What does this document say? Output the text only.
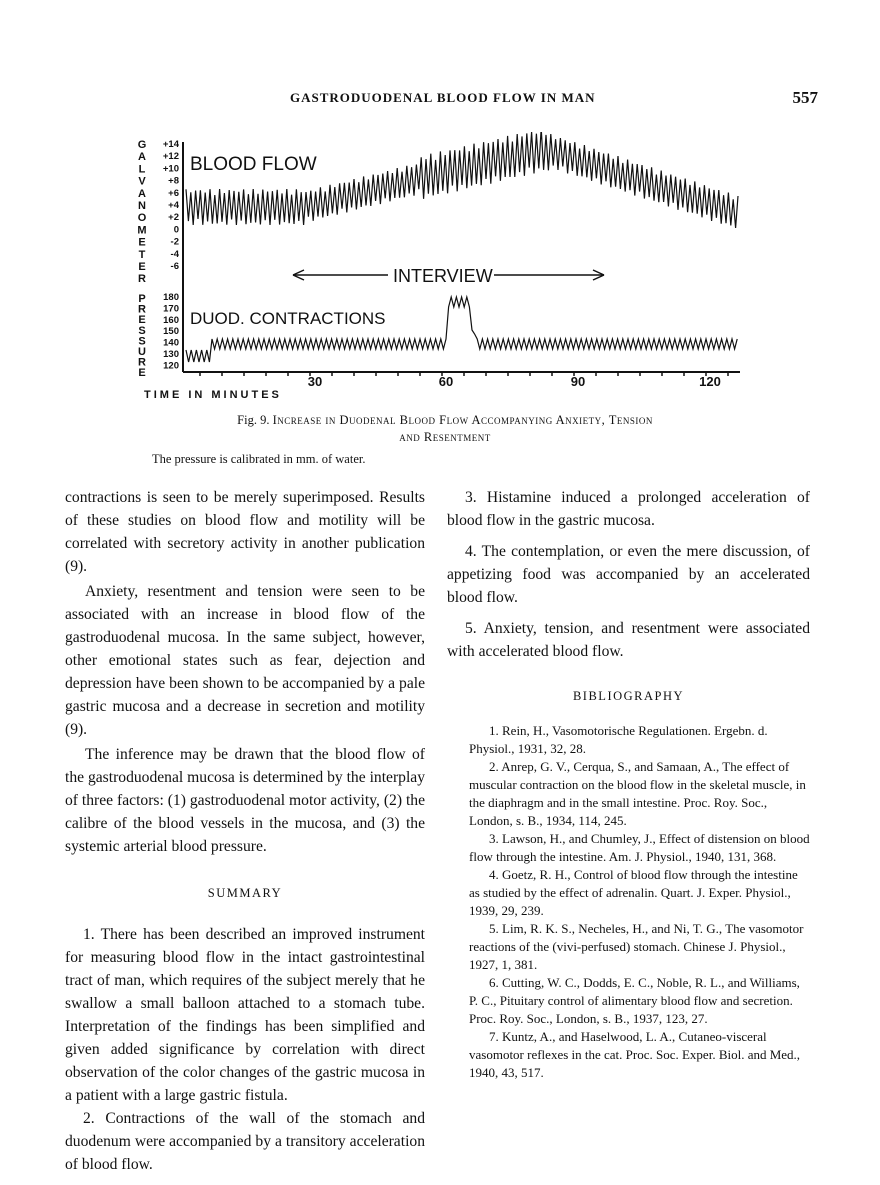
GASTRODUODENAL BLOOD FLOW IN MAN	557
G
A
L
V
A
N
O
M
E
T
E
R
+14
+12
+10
+8
+6
+4
+2
0
-2
-4
-6
P
R
E
S
S
U
R
E
180
170
160
150
140
130
120
BLOOD FLOW
DUOD. CONTRACTIONS
INTERVIEW
30	60	90	120
TIME IN MINUTES
Fig. 9. Increase in Duodenal Blood Flow Accompanying Anxiety, Tension
and Resentment
The pressure is calibrated in mm. of water.

contractions is seen to be merely superimposed. Results of these studies on blood flow and motility will be correlated with secretory activity in another publication (9).

Anxiety, resentment and tension were seen to be associated with an increase in blood flow of the gastroduodenal mucosa. In the same subject, however, other emotional states such as fear, dejection and depression have been shown to be accompanied by a pale gastric mucosa and a decrease in secretion and motility (9).

The inference may be drawn that the blood flow of the gastroduodenal mucosa is determined by the interplay of three factors: (1) gastroduodenal motor activity, (2) the calibre of the blood vessels in the mucosa, and (3) the systemic arterial blood pressure.

SUMMARY

1. There has been described an improved instrument for measuring blood flow in the intact gastrointestinal tract of man, which requires of the subject merely that he swallow a small balloon attached to a stomach tube. Interpretation of the findings has been simplified and given added significance by correlation with direct observation of the color changes of the gastric mucosa in a patient with a large gastric fistula.

2. Contractions of the wall of the stomach and duodenum were accompanied by a transitory acceleration of blood flow.

3. Histamine induced a prolonged acceleration of blood flow in the gastric mucosa.

4. The contemplation, or even the mere discussion, of appetizing food was accompanied by an accelerated blood flow.

5. Anxiety, tension, and resentment were associated with accelerated blood flow.

BIBLIOGRAPHY

1. Rein, H., Vasomotorische Regulationen. Ergebn. d. Physiol., 1931, 32, 28.

2. Anrep, G. V., Cerqua, S., and Samaan, A., The effect of muscular contraction on the blood flow in the skeletal muscle, in the diaphragm and in the small intestine. Proc. Roy. Soc., London, s. B., 1934, 114, 245.

3. Lawson, H., and Chumley, J., Effect of distension on blood flow through the intestine. Am. J. Physiol., 1940, 131, 368.

4. Goetz, R. H., Control of blood flow through the intestine as studied by the effect of adrenalin. Quart. J. Exper. Physiol., 1939, 29, 239.

5. Lim, R. K. S., Necheles, H., and Ni, T. G., The vasomotor reactions of the (vivi-perfused) stomach. Chinese J. Physiol., 1927, 1, 381.

6. Cutting, W. C., Dodds, E. C., Noble, R. L., and Williams, P. C., Pituitary control of alimentary blood flow and secretion. Proc. Roy. Soc., London, s. B., 1937, 123, 27.

7. Kuntz, A., and Haselwood, L. A., Cutaneo-visceral vasomotor reflexes in the cat. Proc. Soc. Exper. Biol. and Med., 1940, 43, 517.
